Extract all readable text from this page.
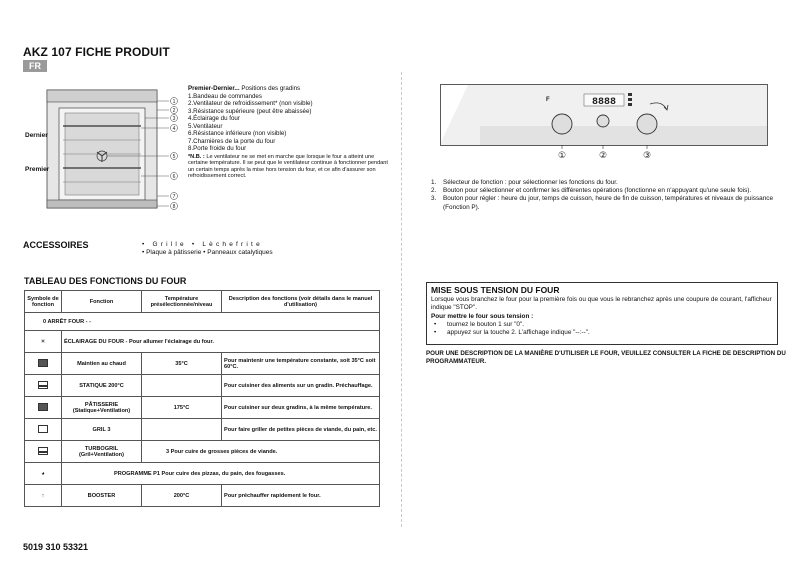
AKZ 107 FICHE PRODUIT
FR
1
2
3
4
5
6
7
8
Dernier
Premier
Premier-Dernier... Positions des gradins
1.Bandeau de commandes
2.Ventilateur de refroidissement* (non visible)
3.Résistance supérieure (peut être abaissée)
4.Éclairage du four
5.Ventilateur
6.Résistance inférieure (non visible)
7.Charnières de la porte du four
8.Porte froide du four
*N.B. : Le ventilateur ne se met en marche que lorsque le four a atteint une certaine température. Il se peut que le ventilateur continue à fonctionner pendant un certain temps après la mise hors tension du four, et ce afin d'assurer son refroidissement correct.
ACCESSOIRES	• Grille • Lèchefrite
• Plaque à pâtisserie • Panneaux catalytiques
TABLEAU DES FONCTIONS DU FOUR
Symbole de fonction	Fonction	Température présélectionnée/niveau	Description des fonctions (voir détails dans le manuel d'utilisation)
0 ARRÊT FOUR - -			
☀	ÉCLAIRAGE DU FOUR - Pour allumer l'éclairage du four.		
	Maintien au chaud	35°C	Pour maintenir une température constante, soit 35°C soit 60°C.
	STATIQUE 200°C		Pour cuisiner des aliments sur un gradin. Préchauffage.
	PÂTISSERIE (Statique+Ventilation)	175°C	Pour cuisiner sur deux gradins, à la même température.
	GRIL 3		Pour faire griller de petites pièces de viande, du pain, etc.
	TURBOGRIL (Gril+Ventilation)	3 Pour cuire de grosses pièces de viande.	
◕	PROGRAMME P1 Pour cuire des pizzas, du pain, des fougasses.		
↑	BOOSTER	200°C	Pour préchauffer rapidement le four.
F	8888
①	②	③
1. Sélecteur de fonction : pour sélectionner les fonctions du four.
2. Bouton pour sélectionner et confirmer les différentes opérations (fonctionne en n'appuyant qu'une seule fois).
3. Bouton pour régler : heure du jour, temps de cuisson, heure de fin de cuisson, températures et niveaux de puissance (Fonction P).
MISE SOUS TENSION DU FOUR
Lorsque vous branchez le four pour la première fois ou que vous le rebranchez après une coupure de courant, l'afficheur indique "STOP".
Pour mettre le four sous tension :
• tournez le bouton 1 sur "0".
• appuyez sur la touche 2. L'affichage indique "--:--".
POUR UNE DESCRIPTION DE LA MANIÈRE D'UTILISER LE FOUR, VEUILLEZ CONSULTER LA FICHE DE DESCRIPTION DU PROGRAMMATEUR.
5019 310 53321
